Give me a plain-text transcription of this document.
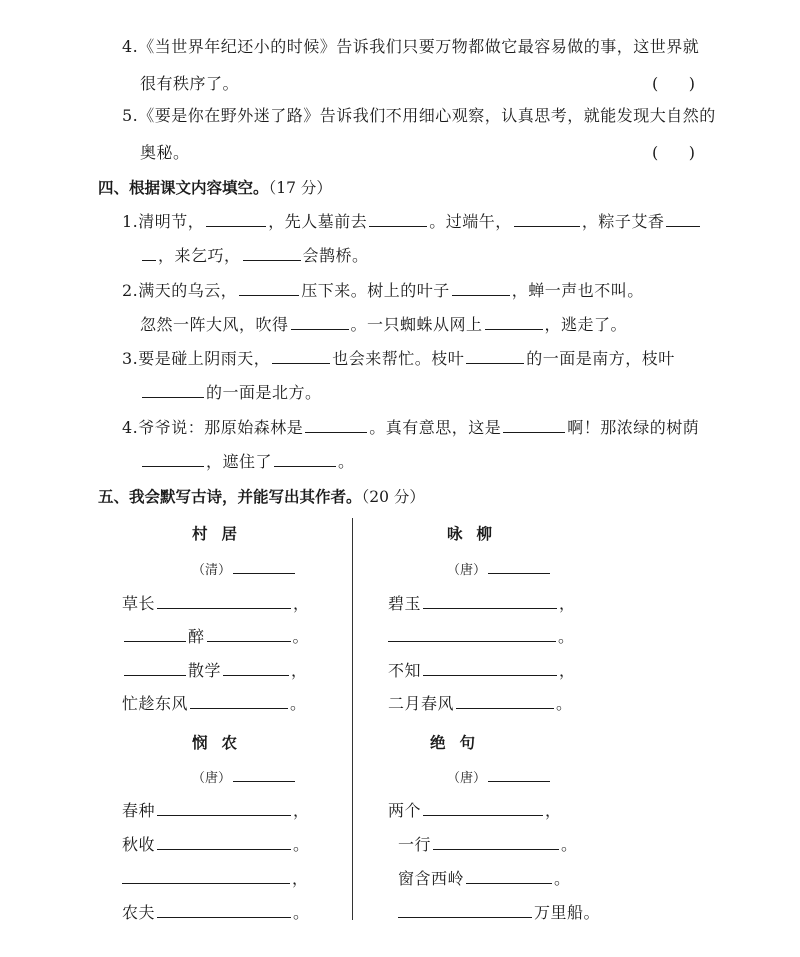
4.《当世界年纪还小的时候》告诉我们只要万物都做它最容易做的事，这世界就
很有秩序了。	(      )
5.《要是你在野外迷了路》告诉我们不用细心观察，认真思考，就能发现大自然的
奥秘。	(      )
四、根据课文内容填空。（17 分）
1.清明节，	，先人墓前去	。过端午，	，粽子艾香
，来乞巧，	会鹊桥。
2.满天的乌云，	压下来。树上的叶子	，蝉一声也不叫。
忽然一阵大风，吹得	。一只蜘蛛从网上	，逃走了。
3.要是碰上阴雨天，	也会来帮忙。枝叶	的一面是南方，枝叶
的一面是北方。
4.爷爷说：那原始森林是	。真有意思，这是	啊！那浓绿的树荫
，遮住了	。
五、我会默写古诗，并能写出其作者。（20 分）
村居
（清）
草长	，
醉	。
散学	，
忙趁东风	。
咏柳
（唐）
碧玉	，
。
不知	，
二月春风	。
悯农
（唐）
春种	，
秋收	。
，
农夫	。
绝句
（唐）
两个	，
一行	。
窗含西岭	。
万里船。
